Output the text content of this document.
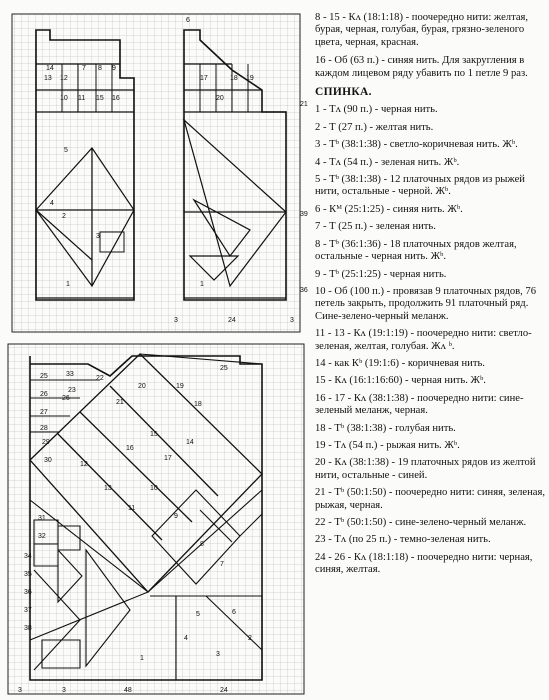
13 12
6
21
5
4
1
2
3
7 8 9
10 11
14
15 16
17	18 19
20
36
39
1
3	24	3
33
25
26
27
28
29
30
23
22
21
20	19
18
17
16
15
14
13
12
11
10
9
8
7
6
5
4
3
2
1
31
32
34
35
36
37
38
48
3
3	24
26
25

8 - 15 - Кᴧ (18:1:18) - поочередно нити: желтая, бурая, черная, голубая, бурая, грязно-зеленого цвета, черная, красная.

16 - Об (63 п.) - синяя нить. Для закругления в каждом лицевом ряду убавить по 1 петле 9 раз.

СПИНКА.

1 - Тᴧ (90 п.) - черная нить.

2 - Т (27 п.) - желтая нить.

3 - Тᵇ (38:1:38) - светло-коричневая нить. Жᵇ.

4 - Тᴧ (54 п.) - зеленая нить. Жᵇ.

5 - Тᵇ (38:1:38) - 12 платочных рядов из рыжей нити, остальные - черной. Жᵇ.

6 - Кᴹ (25:1:25) - синяя нить. Жᵇ.

7 - Т (25 п.) - зеленая нить.

8 - Тᵇ (36:1:36) - 18 платочных рядов желтая, остальные - черная нить. Жᵇ.

9 - Тᵇ (25:1:25) - черная нить.

10 - Об (100 п.) - провязав 9 платочных рядов, 76 петель закрыть, продолжить 91 платочный ряд. Сине-зелено-черный меланж.

11 - 13 - Кᴧ (19:1:19) - поочередно нити: светло-зеленая, желтая, голубая. Жᴧ ᵇ.

14 - как Кᵇ (19:1:6) - коричневая нить.

15 - Кᴧ (16:1:16:60) - черная нить. Жᵇ.

16 - 17 - Кᴧ (38:1:38) - поочередно нити: сине-зеленый меланж, черная.

18 - Тᵇ (38:1:38) - голубая нить.

19 - Тᴧ (54 п.) - рыжая нить. Жᵇ.

20 - Кᴧ (38:1:38) - 19 платочных рядов из желтой нити, остальные - синей.

21 - Тᵇ (50:1:50) - поочередно нити: синяя, зеленая, рыжая, черная.

22 - Тᵇ (50:1:50) - сине-зелено-черный меланж.

23 - Тᴧ (по 25 п.) - темно-зеленая нить.

24 - 26 - Кᴧ (18:1:18) - поочередно нити: черная, синяя, желтая.
